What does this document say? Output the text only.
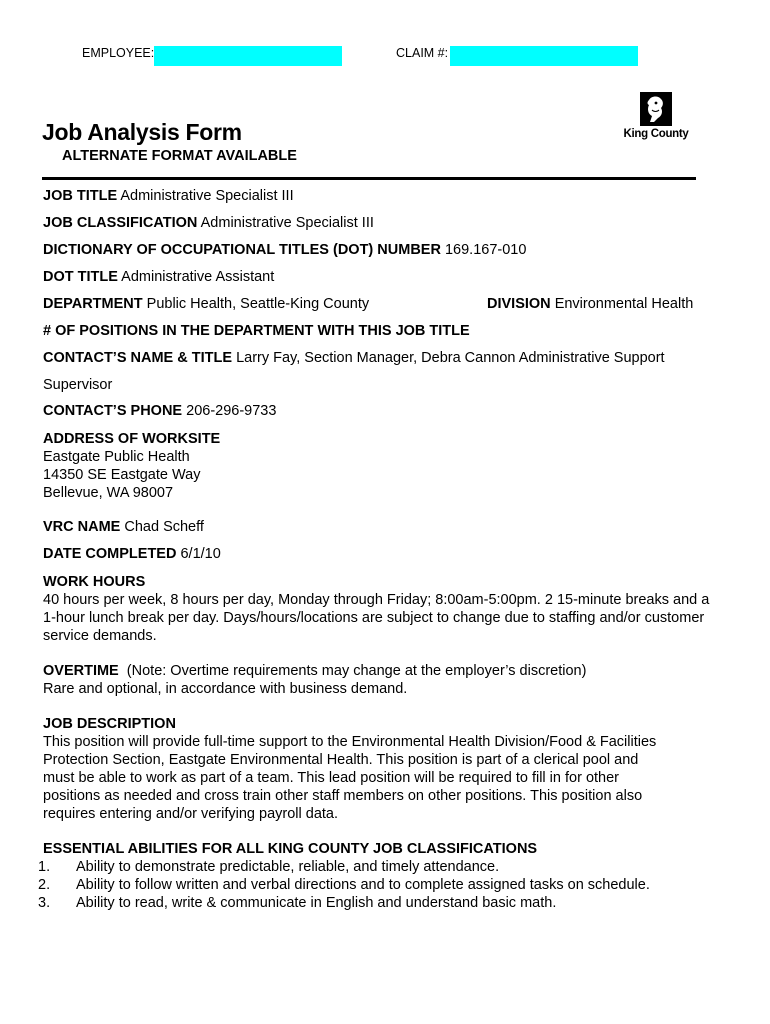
EMPLOYEE:	CLAIM #:
King County
Job Analysis Form
ALTERNATE FORMAT AVAILABLE
JOB TITLE Administrative Specialist III
JOB CLASSIFICATION Administrative Specialist III
DICTIONARY OF OCCUPATIONAL TITLES (DOT) NUMBER 169.167-010
DOT TITLE Administrative Assistant
DEPARTMENT Public Health, Seattle-King County	DIVISION Environmental Health
# OF POSITIONS IN THE DEPARTMENT WITH THIS JOB TITLE
CONTACT’S NAME & TITLE Larry Fay, Section Manager, Debra Cannon Administrative Support
Supervisor
CONTACT’S PHONE 206-296-9733

ADDRESS OF WORKSITE

Eastgate Public Health

14350 SE Eastgate Way

Bellevue, WA 98007

VRC NAME Chad Scheff
DATE COMPLETED 6/1/10

WORK HOURS

40 hours per week, 8 hours per day, Monday through Friday; 8:00am-5:00pm. 2 15-minute breaks and a

1-hour lunch break per day. Days/hours/locations are subject to change due to staffing and/or customer

service demands.

OVERTIME (Note: Overtime requirements may change at the employer’s discretion)

Rare and optional, in accordance with business demand.

JOB DESCRIPTION

This position will provide full-time support to the Environmental Health Division/Food & Facilities

Protection Section, Eastgate Environmental Health. This position is part of a clerical pool and

must be able to work as part of a team. This lead position will be required to fill in for other

positions as needed and cross train other staff members on other positions. This position also

requires entering and/or verifying payroll data.

ESSENTIAL ABILITIES FOR ALL KING COUNTY JOB CLASSIFICATIONS
1.	Ability to demonstrate predictable, reliable, and timely attendance.
2.	Ability to follow written and verbal directions and to complete assigned tasks on schedule.
3.	Ability to read, write & communicate in English and understand basic math.
